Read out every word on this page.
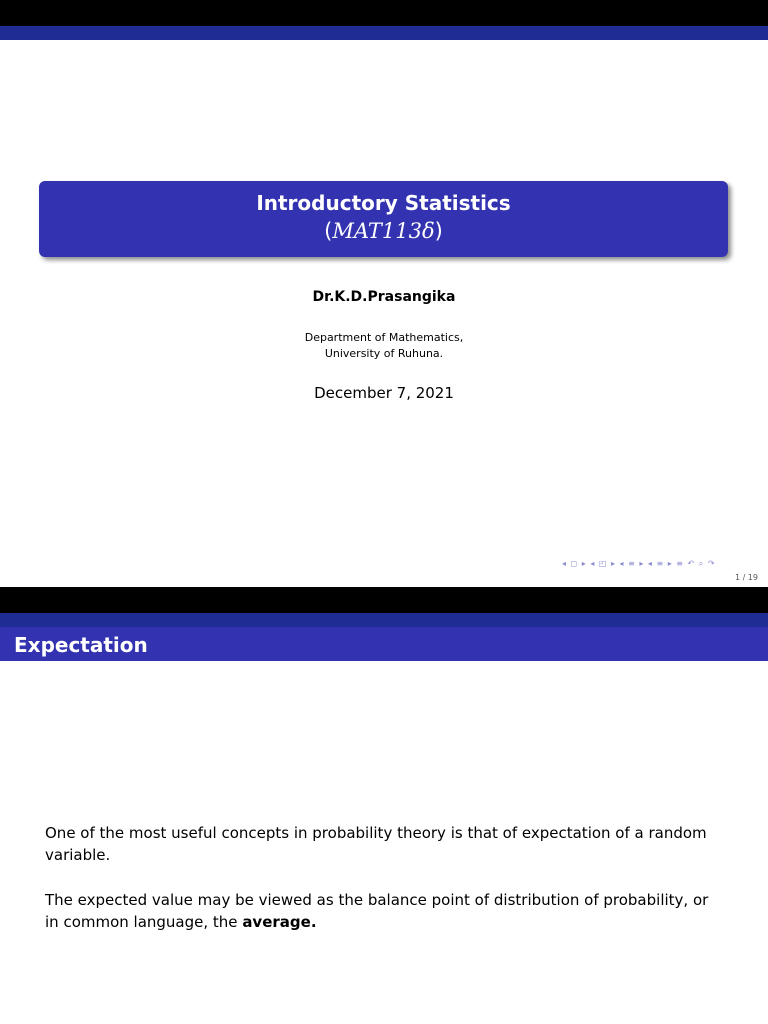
Introductory Statistics
(MAT113δ)
Dr.K.D.Prasangika
Department of Mathematics,
University of Ruhuna.
December 7, 2021
◂ ◻ ▸ ◂ ◰ ▸ ◂ ≡ ▸ ◂ ≡ ▸ ≡ ↶ ⌕ ↷
1 / 19
Expectation
One of the most useful concepts in probability theory is that of expectation of a random variable.
The expected value may be viewed as the balance point of distribution of probability, or in common language, the average.
